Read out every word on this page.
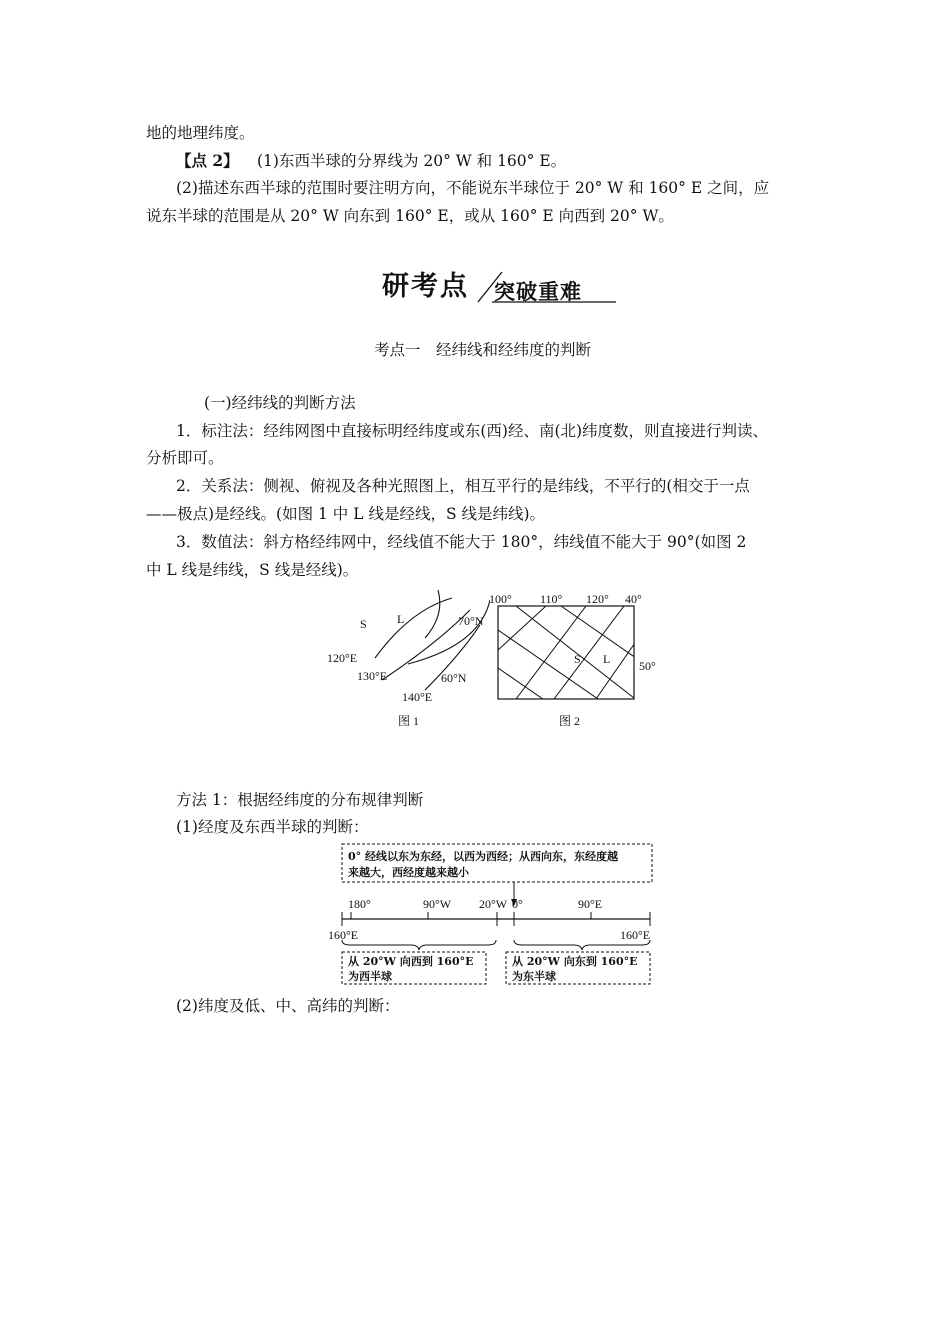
地的地理纬度。
【点 2】 (1)东西半球的分界线为 20° W 和 160° E。
(2)描述东西半球的范围时要注明方向，不能说东半球位于 20° W 和 160° E 之间，应
说东半球的范围是从 20° W 向东到 160° E，或从 160° E 向西到 20° W。
研考点 突破重难
考点一　经纬线和经纬度的判断
(一)经纬线的判断方法
1．标注法：经纬网图中直接标明经纬度或东(西)经、南(北)纬度数，则直接进行判读、
分析即可。
2．关系法：侧视、俯视及各种光照图上，相互平行的是纬线，不平行的(相交于一点
——极点)是经线。(如图 1 中 L 线是经线，S 线是纬线)。
3．数值法：斜方格经纬网中，经线值不能大于 180°，纬线值不能大于 90°(如图 2
中 L 线是纬线，S 线是经线)。
S	L	70°N
120°E
130°E	60°N
140°E
图 1
100° 110° 120° 40°
50°
S L
图 2
方法 1：根据经纬度的分布规律判断
(1)经度及东西半球的判断：
0° 经线以东为东经，以西为西经；从西向东，东经度越
来越大，西经度越来越小
180°	90°W 20°W 0°	90°E
160°E	160°E
从 20°W 向西到 160°E
为西半球
从 20°W 向东到 160°E
为东半球
(2)纬度及低、中、高纬的判断：
